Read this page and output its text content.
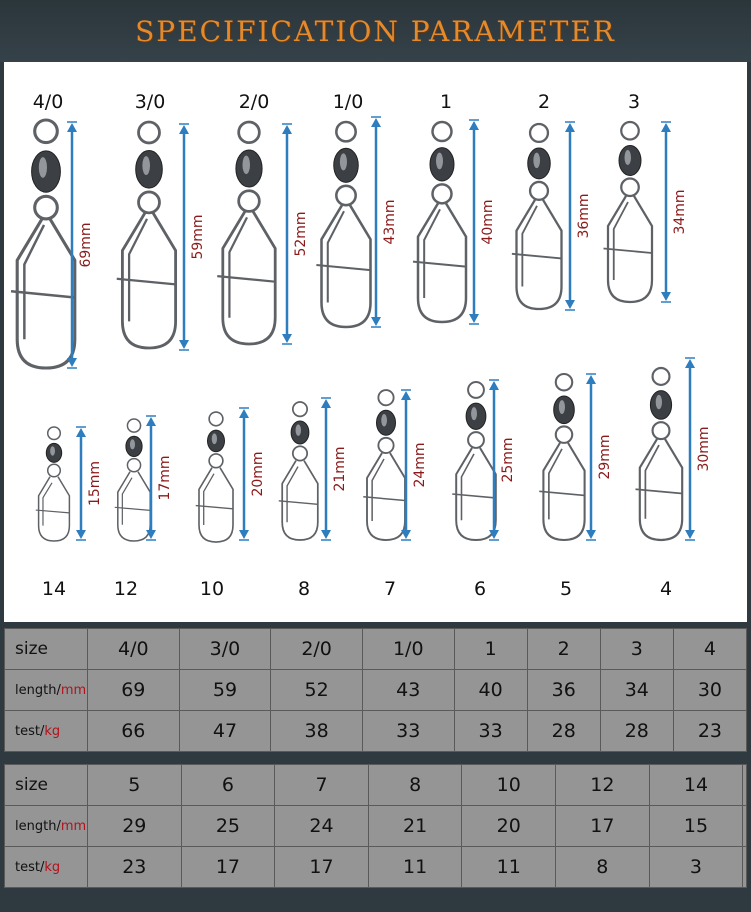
SPECIFICATION PARAMETER
69mm
4/0
59mm
3/0
52mm
2/0
43mm
1/0
40mm
1
36mm
2
34mm
3
15mm
14
17mm
12
20mm
10
21mm
8
24mm
7
25mm
6
29mm
5
30mm
4
size	4/0	3/0	2/0	1/0	1	2	3	4
length/mm	69	59	52	43	40	36	34	30
test/kg	66	47	38	33	33	28	28	23
size	5	6	7	8	10	12	14	
length/mm	29	25	24	21	20	17	15	
test/kg	23	17	17	11	11	8	3	
